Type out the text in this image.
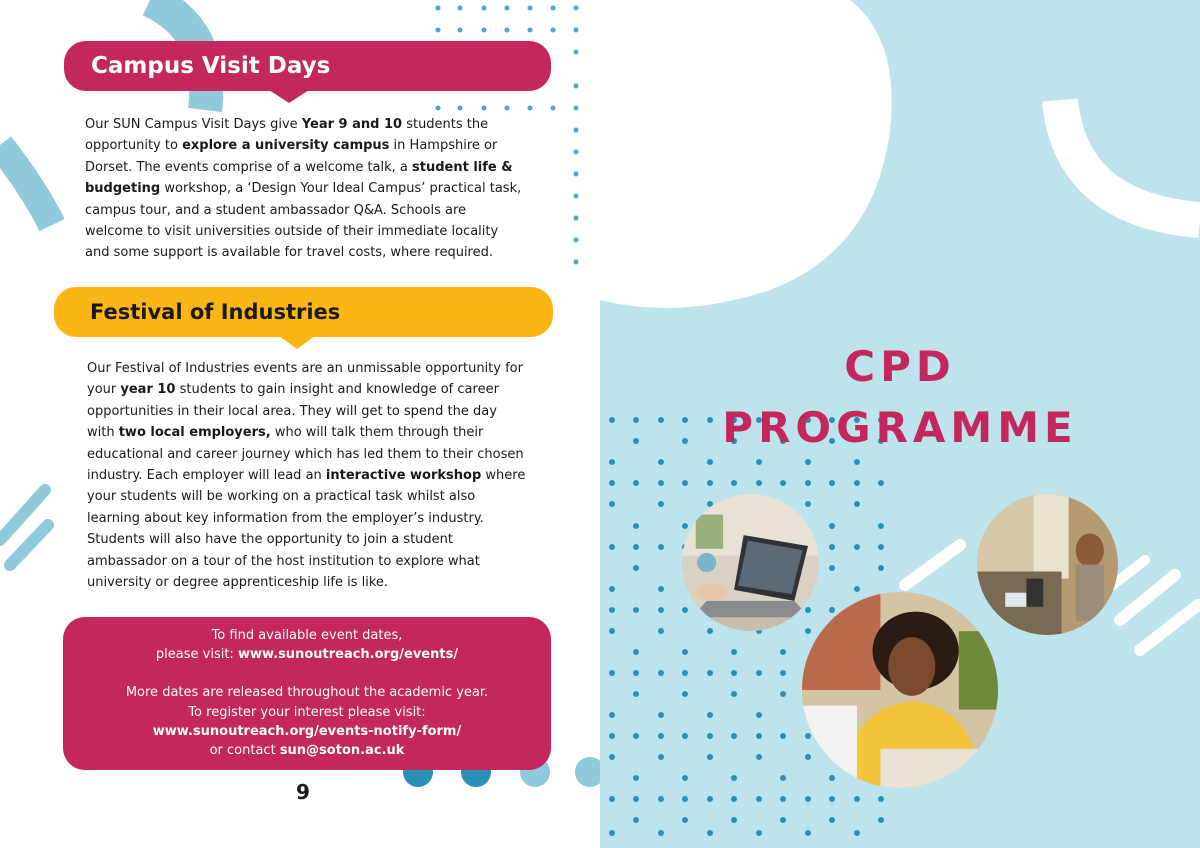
Campus Visit Days

Our SUN Campus Visit Days give Year 9 and 10 students the opportunity to explore a university campus in Hampshire or Dorset. The events comprise of a welcome talk, a student life & budgeting workshop, a ‘Design Your Ideal Campus’ practical task, campus tour, and a student ambassador Q&A. Schools are welcome to visit universities outside of their immediate locality and some support is available for travel costs, where required.

Festival of Industries

Our Festival of Industries events are an unmissable opportunity for your year 10 students to gain insight and knowledge of career opportunities in their local area. They will get to spend the day with two local employers, who will talk them through their educational and career journey which has led them to their chosen industry. Each employer will lead an interactive workshop where your students will be working on a practical task whilst also learning about key information from the employer’s industry. Students will also have the opportunity to join a student ambassador on a tour of the host institution to explore what university or degree apprenticeship life is like.

To find available event dates,
please visit: www.sunoutreach.org/events/
More dates are released throughout the academic year.
To register your interest please visit:
www.sunoutreach.org/events-notify-form/
or contact sun@soton.ac.uk
9
CPD
PROGRAMME
